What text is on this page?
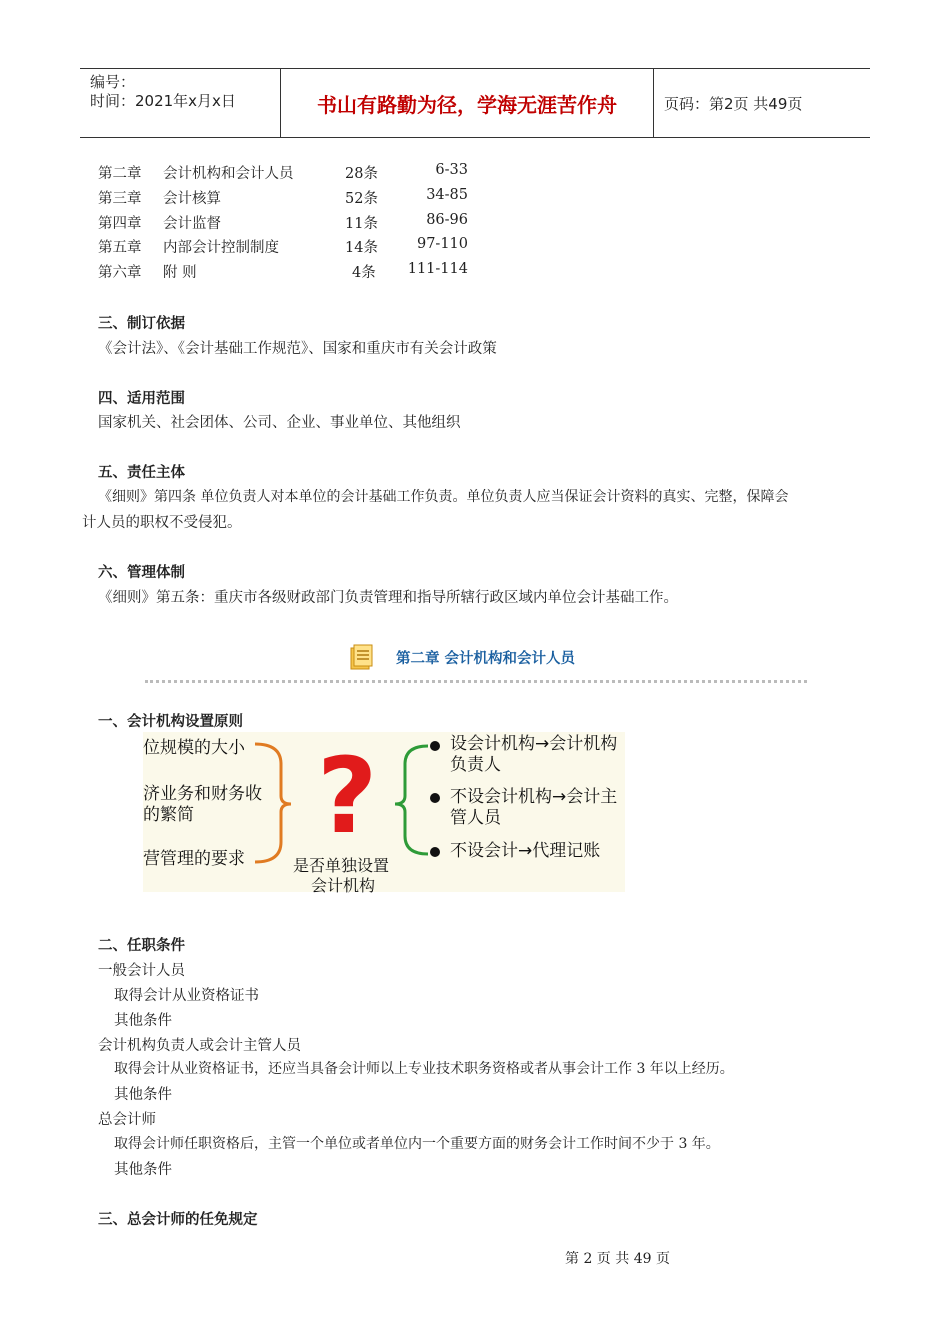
编号：
时间：2021年x月x日	书山有路勤为径，学海无涯苦作舟	页码：第2页 共49页
第二章 会计机构和会计人员	28条	6-33
第三章 会计核算	52条	34-85
第四章 会计监督	11条	86-96
第五章 内部会计控制制度	14条	97-110
第六章 附 则	4条	111-114
三、制订依据
《会计法》、《会计基础工作规范》、国家和重庆市有关会计政策
四、适用范围
国家机关、社会团体、公司、企业、事业单位、其他组织
五、责任主体
《细则》第四条 单位负责人对本单位的会计基础工作负责。单位负责人应当保证会计资料的真实、完整，保障会
计人员的职权不受侵犯。
六、管理体制
《细则》第五条：重庆市各级财政部门负责管理和指导所辖行政区域内单位会计基础工作。
第二章 会计机构和会计人员
一、会计机构设置原则
位规模的大小
济业务和财务收
的繁简
营管理的要求
?
是否单独设置
会计机构
设会计机构→会计机构
负责人
不设会计机构→会计主
管人员
不设会计→代理记账
二、任职条件
一般会计人员
取得会计从业资格证书
其他条件
会计机构负责人或会计主管人员
取得会计从业资格证书，还应当具备会计师以上专业技术职务资格或者从事会计工作 3 年以上经历。
其他条件
总会计师
取得会计师任职资格后，主管一个单位或者单位内一个重要方面的财务会计工作时间不少于 3 年。
其他条件
三、总会计师的任免规定
第 2 页 共 49 页
